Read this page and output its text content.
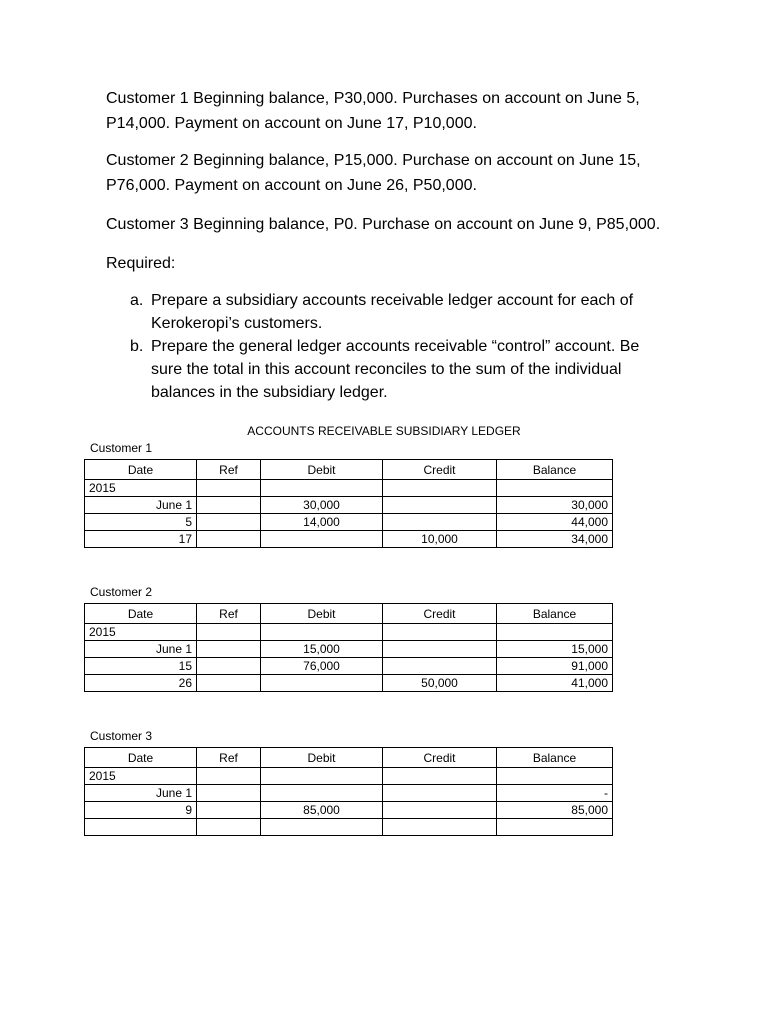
Customer 1 Beginning balance, P30,000. Purchases on account on June 5, P14,000. Payment on account on June 17, P10,000.
Customer 2 Beginning balance, P15,000. Purchase on account on June 15, P76,000. Payment on account on June 26, P50,000.
Customer 3 Beginning balance, P0. Purchase on account on June 9, P85,000.
Required:
a. Prepare a subsidiary accounts receivable ledger account for each of Kerokeropi’s customers.
b. Prepare the general ledger accounts receivable “control” account. Be sure the total in this account reconciles to the sum of the individual balances in the subsidiary ledger.
ACCOUNTS RECEIVABLE SUBSIDIARY LEDGER
Customer 1
Date	Ref	Debit	Credit	Balance
2015				
June 1		30,000		30,000
5		14,000		44,000
17			10,000	34,000
Customer 2
Date	Ref	Debit	Credit	Balance
2015				
June 1		15,000		15,000
15		76,000		91,000
26			50,000	41,000
Customer 3
Date	Ref	Debit	Credit	Balance
2015				
June 1				-
9		85,000		85,000
